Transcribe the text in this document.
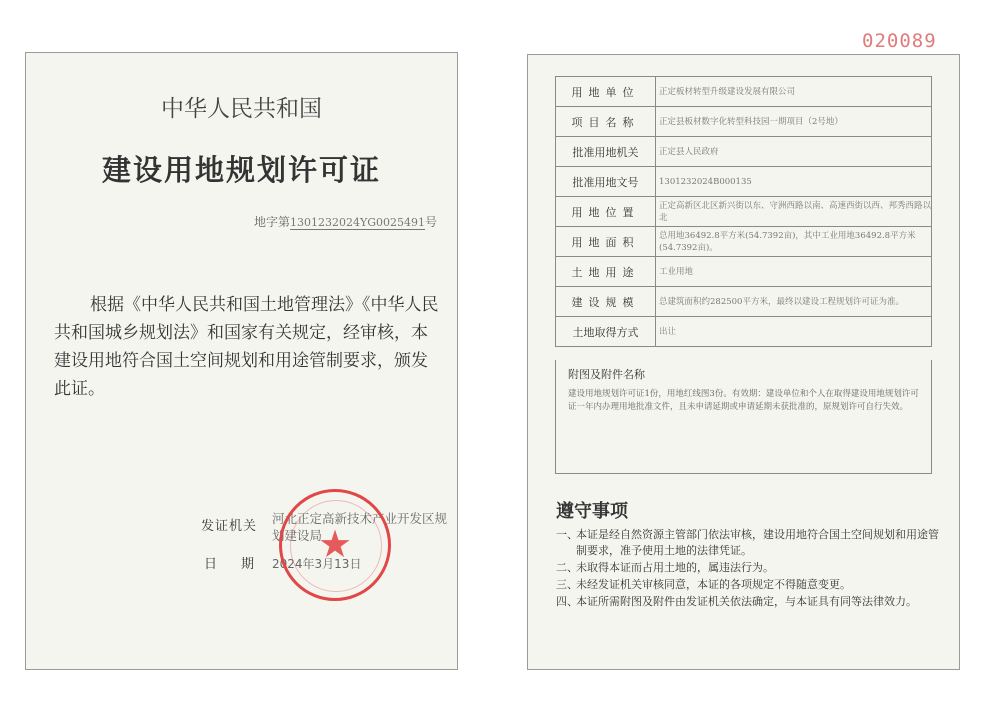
020089
中华人民共和国
建设用地规划许可证
地字第1301232024YG0025491号
根据《中华人民共和国土地管理法》《中华人民共和国城乡规划法》和国家有关规定，经审核，本建设用地符合国土空间规划和用途管制要求，颁发此证。
发证机关
河北正定高新技术产业开发区规划建设局
日期
2024年3月13日
★
用地单位	正定板材转型升级建设发展有限公司
项目名称	正定县板材数字化转型科技园一期项目（2号地）
批准用地机关	正定县人民政府
批准用地文号	1301232024B000135
用地位置	正定高新区北区新兴街以东、守洲西路以南、高速西街以西、邦秀西路以北
用地面积	总用地36492.8平方米(54.7392亩)，其中工业用地36492.8平方米(54.7392亩)。
土地用途	工业用地
建设规模	总建筑面积约282500平方米，最终以建设工程规划许可证为准。
土地取得方式	出让
附图及附件名称
建设用地规划许可证1份，用地红线图3份。有效期：建设单位和个人在取得建设用地规划许可证一年内办理用地批准文件，且未申请延期或申请延期未获批准的，原规划许可自行失效。
遵守事项
一、
本证是经自然资源主管部门依法审核，建设用地符合国土空间规划和用途管制要求，准予使用土地的法律凭证。
二、
未取得本证而占用土地的，属违法行为。
三、
未经发证机关审核同意，本证的各项规定不得随意变更。
四、
本证所需附图及附件由发证机关依法确定，与本证具有同等法律效力。
